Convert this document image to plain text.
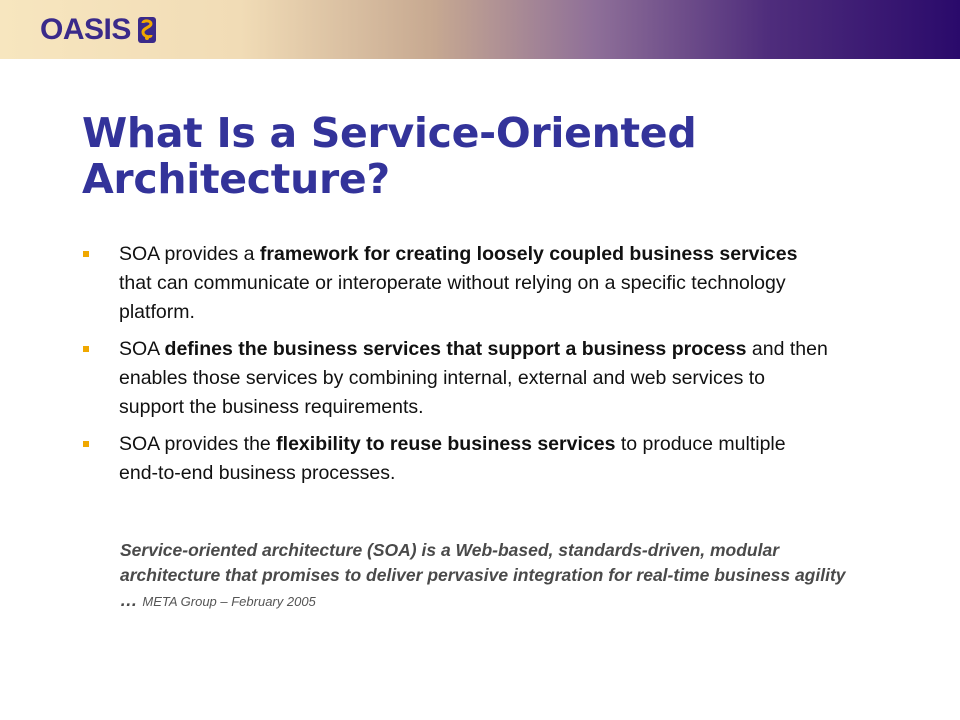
OASIS
What Is a Service-Oriented
Architecture?
SOA provides a framework for creating loosely coupled business services that can communicate or interoperate without relying on a specific technology platform.
SOA defines the business services that support a business process and then enables those services by combining internal, external and web services to support the business requirements.
SOA provides the flexibility to reuse business services to produce multiple end-to-end business processes.
Service-oriented architecture (SOA) is a Web-based, standards-driven, modular architecture that promises to deliver pervasive integration for real-time business agility … META Group – February 2005
